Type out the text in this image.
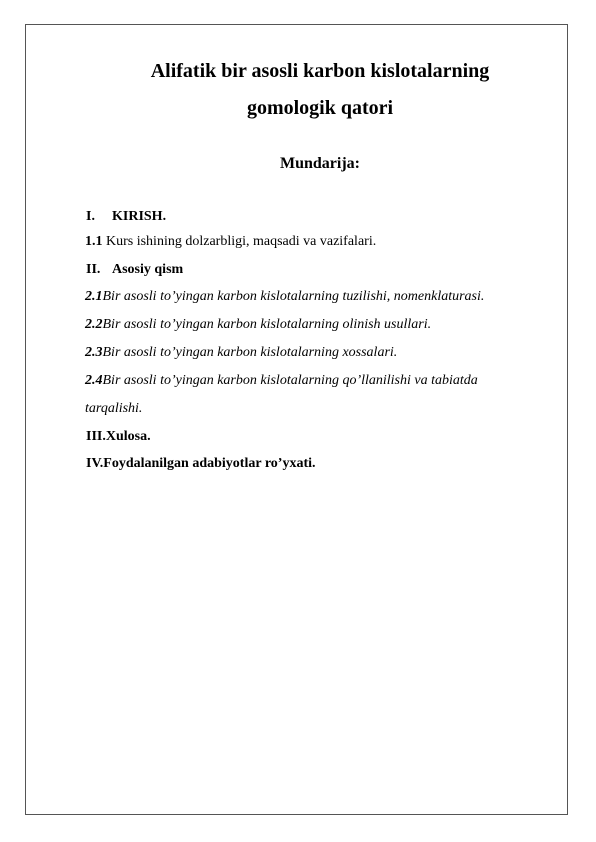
Alifatik bir asosli karbon kislotalarning
gomologik qatori
Mundarija:
I. KIRISH.
1.1 Kurs ishining dolzarbligi, maqsadi va vazifalari.
II. Asosiy qism
2.1Bir asosli to’yingan karbon kislotalarning tuzilishi, nomenklaturasi.
2.2Bir asosli to’yingan karbon kislotalarning olinish usullari.
2.3Bir asosli to’yingan karbon kislotalarning xossalari.
2.4Bir asosli to’yingan karbon kislotalarning qo’llanilishi va tabiatda
tarqalishi.
III.Xulosa.
IV.Foydalanilgan adabiyotlar ro’yxati.
